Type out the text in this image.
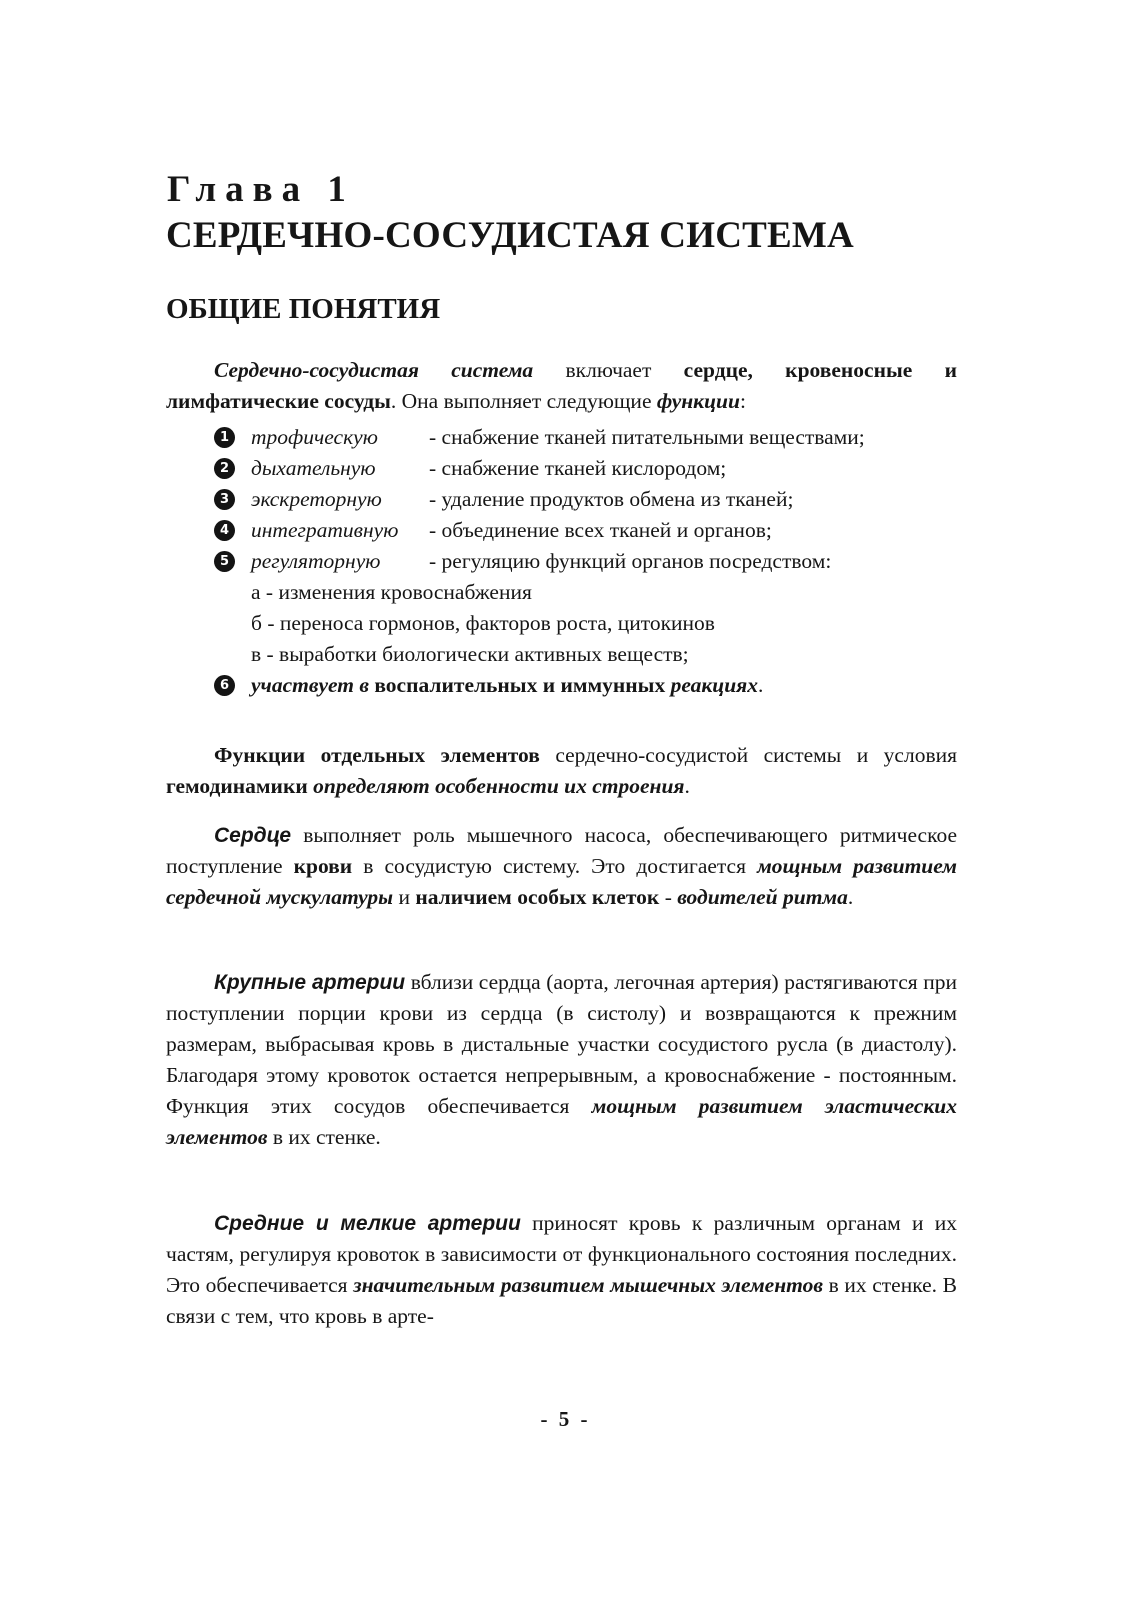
Глава 1
СЕРДЕЧНО-СОСУДИСТАЯ СИСТЕМА
ОБЩИЕ ПОНЯТИЯ

Сердечно-сосудистая система включает сердце, кровеносные и лимфатические сосуды. Она выполняет следующие функции:

1 трофическую - снабжение тканей питательными веществами;
2 дыхательную - снабжение тканей кислородом;
3 экскреторную - удаление продуктов обмена из тканей;
4 интегративную - объединение всех тканей и органов;
5 регуляторную - регуляцию функций органов посредством:
а - изменения кровоснабжения
б - переноса гормонов, факторов роста, цитокинов
в - выработки биологически активных веществ;
6 участвует в воспалительных и иммунных реакциях.

Функции отдельных элементов сердечно-сосудистой системы и условия гемодинамики определяют особенности их строения.

Сердце выполняет роль мышечного насоса, обеспечивающего ритмическое поступление крови в сосудистую систему. Это достигается мощным развитием сердечной мускулатуры и наличием особых клеток - водителей ритма.

Крупные артерии вблизи сердца (аорта, легочная артерия) растягиваются при поступлении порции крови из сердца (в систолу) и возвращаются к прежним размерам, выбрасывая кровь в дистальные участки сосудистого русла (в диастолу). Благодаря этому кровоток остается непрерывным, а кровоснабжение - постоянным. Функция этих сосудов обеспечивается мощным развитием эластических элементов в их стенке.

Средние и мелкие артерии приносят кровь к различным органам и их частям, регулируя кровоток в зависимости от функционального состояния последних. Это обеспечивается значительным развитием мышечных элементов в их стенке. В связи с тем, что кровь в арте-

- 5 -
